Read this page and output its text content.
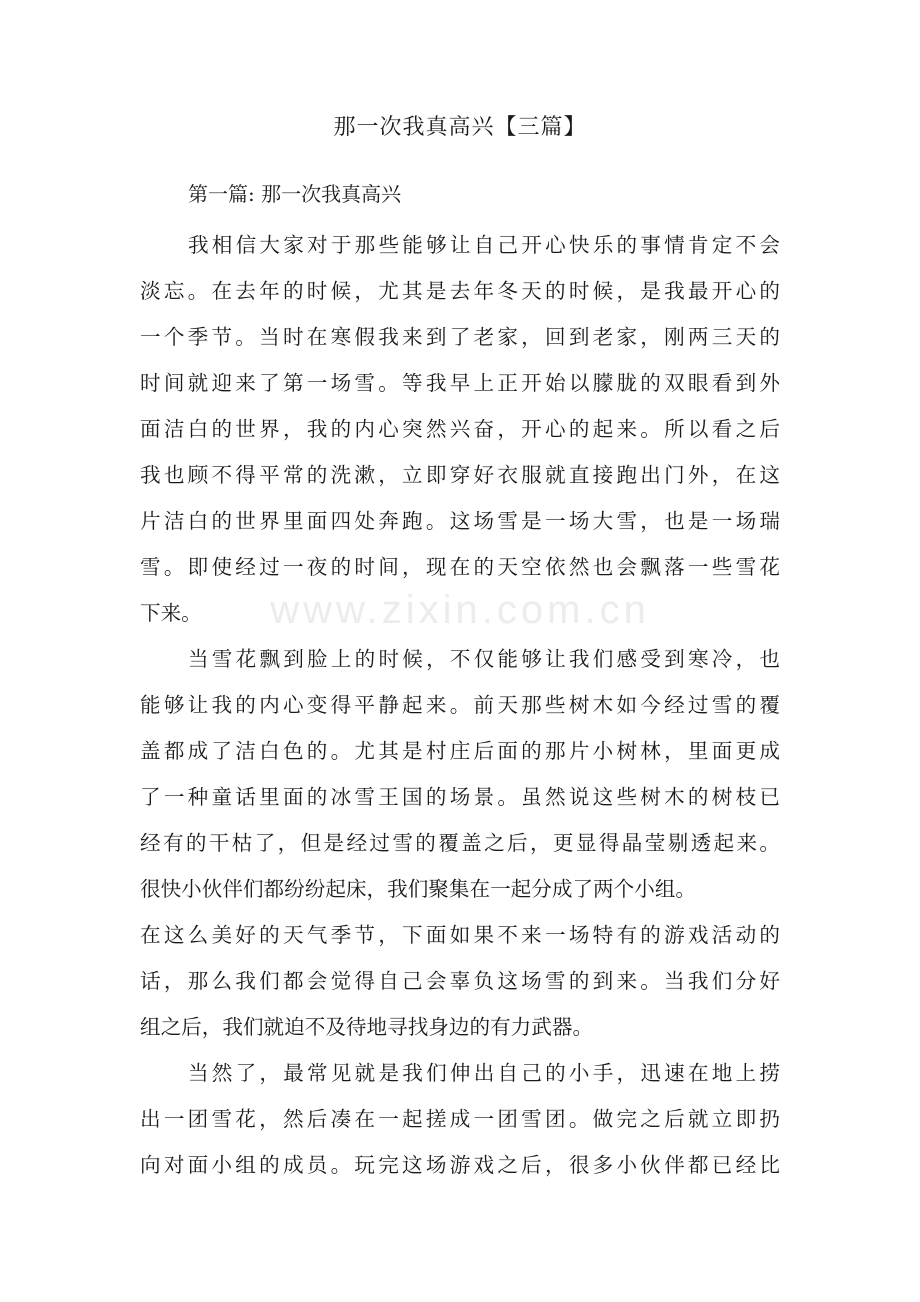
www.zixin.com.cn
那一次我真高兴【三篇】
第一篇: 那一次我真高兴
我相信大家对于那些能够让自己开心快乐的事情肯定不会
淡忘。在去年的时候，尤其是去年冬天的时候，是我最开心的
一个季节。当时在寒假我来到了老家，回到老家，刚两三天的
时间就迎来了第一场雪。等我早上正开始以朦胧的双眼看到外
面洁白的世界，我的内心突然兴奋，开心的起来。所以看之后
我也顾不得平常的洗漱，立即穿好衣服就直接跑出门外，在这
片洁白的世界里面四处奔跑。这场雪是一场大雪，也是一场瑞
雪。即使经过一夜的时间，现在的天空依然也会飘落一些雪花
下来。
当雪花飘到脸上的时候，不仅能够让我们感受到寒冷，也
能够让我的内心变得平静起来。前天那些树木如今经过雪的覆
盖都成了洁白色的。尤其是村庄后面的那片小树林，里面更成
了一种童话里面的冰雪王国的场景。虽然说这些树木的树枝已
经有的干枯了，但是经过雪的覆盖之后，更显得晶莹剔透起来。
很快小伙伴们都纷纷起床，我们聚集在一起分成了两个小组。
在这么美好的天气季节，下面如果不来一场特有的游戏活动的
话，那么我们都会觉得自己会辜负这场雪的到来。当我们分好
组之后，我们就迫不及待地寻找身边的有力武器。
当然了，最常见就是我们伸出自己的小手，迅速在地上捞
出一团雪花，然后凑在一起搓成一团雪团。做完之后就立即扔
向对面小组的成员。玩完这场游戏之后，很多小伙伴都已经比
